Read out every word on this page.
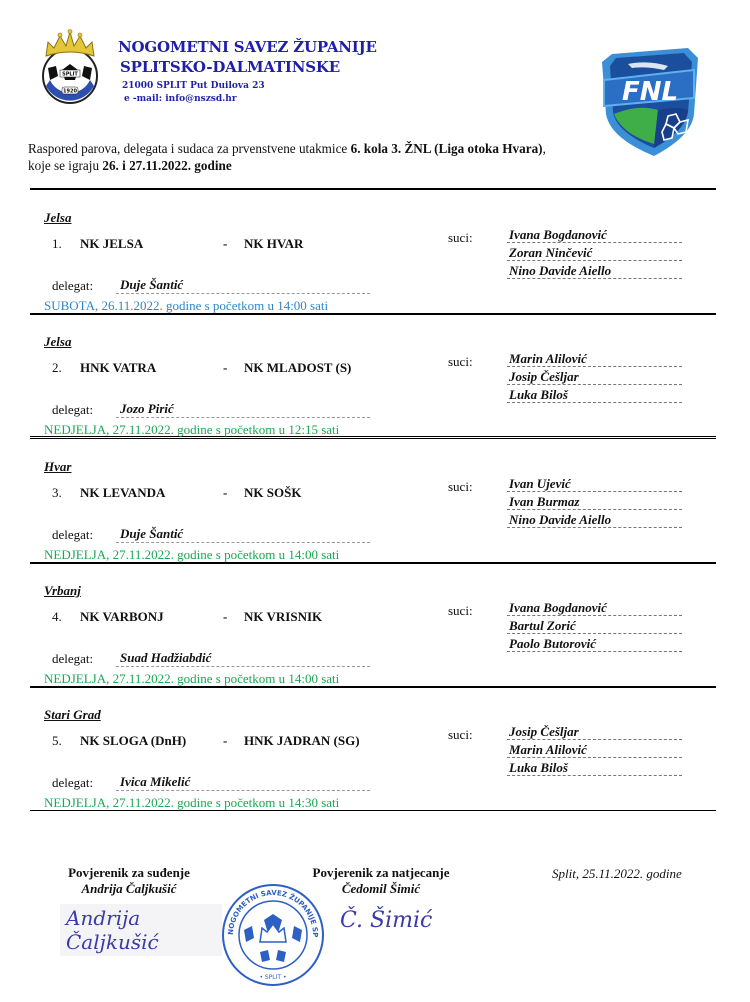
SPLIT
1920
NOGOMETNI SAVEZ ŽUPANIJE
SPLITSKO-DALMATINSKE
21000 SPLIT Put Duilova 23
e -mail: info@nszsd.hr	FNL
Raspored parova, delegata i sudaca za prvenstvene utakmice 6. kola 3. ŽNL (Liga otoka Hvara), koje se igraju 26. i 27.11.2022. godine
Jelsa
1. NK JELSA	- NK HVAR	suci:	Ivana Bogdanović
Zoran Ninčević
Nino Davide Aiello
delegat:	Duje Šantić
SUBOTA, 26.11.2022. godine s početkom u 14:00 sati
Jelsa
2. HNK VATRA	- NK MLADOST (S)	suci:	Marin Alilović
Josip Češljar
Luka Biloš
delegat:	Jozo Pirić
NEDJELJA, 27.11.2022. godine s početkom u 12:15 sati
Hvar
3. NK LEVANDA	- NK SOŠK	suci:	Ivan Ujević
Ivan Burmaz
Nino Davide Aiello
delegat:	Duje Šantić
NEDJELJA, 27.11.2022. godine s početkom u 14:00 sati
Vrbanj
4. NK VARBONJ	- NK VRISNIK	suci:	Ivana Bogdanović
Bartul Zorić
Paolo Butorović
delegat:	Suad Hadžiabdić
NEDJELJA, 27.11.2022. godine s početkom u 14:00 sati
Stari Grad
5. NK SLOGA (DnH)	- HNK JADRAN (SG)	suci:	Josip Češljar
Marin Alilović
Luka Biloš
delegat:	Ivica Mikelić
NEDJELJA, 27.11.2022. godine s početkom u 14:30 sati
Povjerenik za suđenje
Andrija Čaljkušić
Andrija Čaljkušić	NOGOMETNI SAVEZ ŽUPANIJE SP
• SPLIT •
Povjerenik za natjecanje
Čedomil Šimić
Č. Šimić
Split, 25.11.2022. godine
